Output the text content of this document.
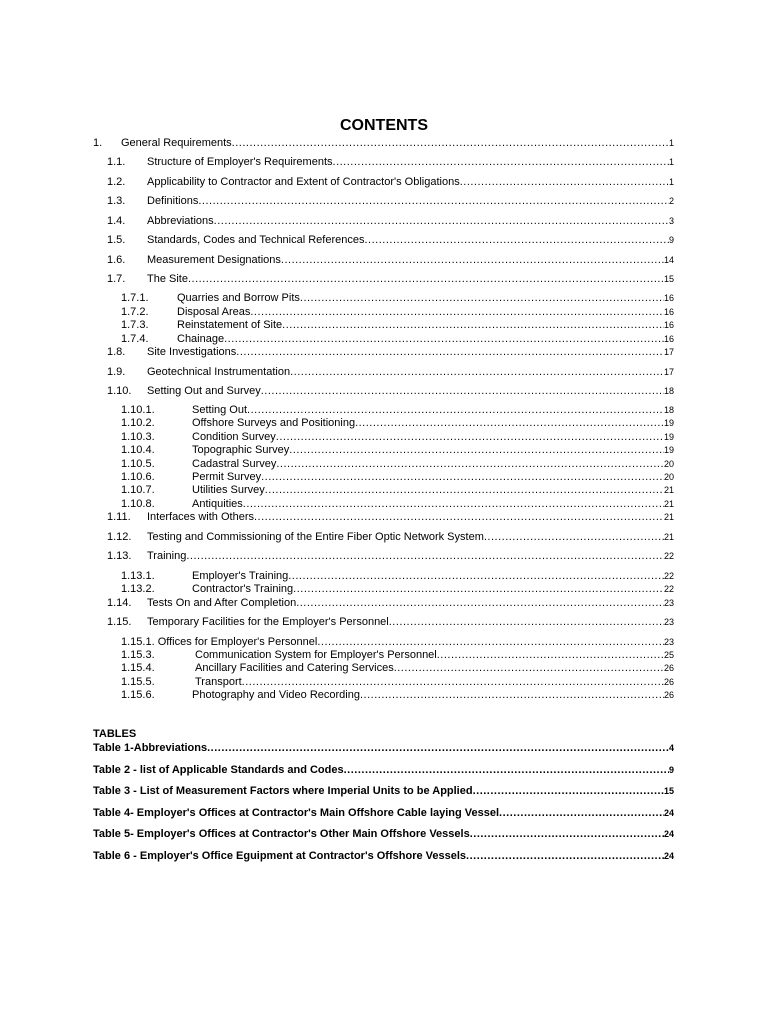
CONTENTS
1. General Requirements .....	1
1.1. Structure of Employer's Requirements .....	1
1.2. Applicability to Contractor and Extent of Contractor's Obligations .....	1
1.3. Definitions .....	2
1.4. Abbreviations .....	3
1.5. Standards, Codes and Technical References .....	9
1.6. Measurement Designations .....	14
1.7. The Site .....	15
1.7.1.	Quarries and Borrow Pits .....	16
1.7.2.	Disposal Areas .....	16
1.7.3.	Reinstatement of Site .....	16
1.7.4.	Chainage .....	16
1.8. Site Investigations .....	17
1.9. Geotechnical Instrumentation .....	17
1.10. Setting Out and Survey .....	18
1.10.1.	Setting Out .....	18
1.10.2.	Offshore Surveys and Positioning .....	19
1.10.3.	Condition Survey .....	19
1.10.4.	Topographic Survey .....	19
1.10.5.	Cadastral Survey .....	20
1.10.6.	Permit Survey .....	20
1.10.7.	Utilities Survey .....	21
1.10.8.	Antiquities .....	21
1.11. Interfaces with Others .....	21
1.12. Testing and Commissioning of the Entire Fiber Optic Network System .....	21
1.13. Training .....	22
1.13.1.	Employer's Training .....	22
1.13.2.	Contractor's Training .....	22
1.14. Tests On and After Completion .....	23
1.15. Temporary Facilities for the Employer's Personnel .....	23
1.15.1. Offices for Employer's Personnel .....	23
1.15.3.	Communication System for Employer's Personnel .....	25
1.15.4.	Ancillary Facilities and Catering Services .....	26
1.15.5.	Transport .....	26
1.15.6.	Photography and Video Recording .....	26
TABLES
Table 1-Abbreviations .....	4
Table 2 - list of Applicable Standards and Codes .....	9
Table 3 - List of Measurement Factors where Imperial Units to be Applied .....	15
Table 4- Employer's Offices at Contractor's Main Offshore Cable laying Vessel .....	24
Table 5- Employer's Offices at Contractor's Other Main Offshore Vessels .....	24
Table 6 - Employer's Office Eguipment at Contractor's Offshore Vessels .....	24
